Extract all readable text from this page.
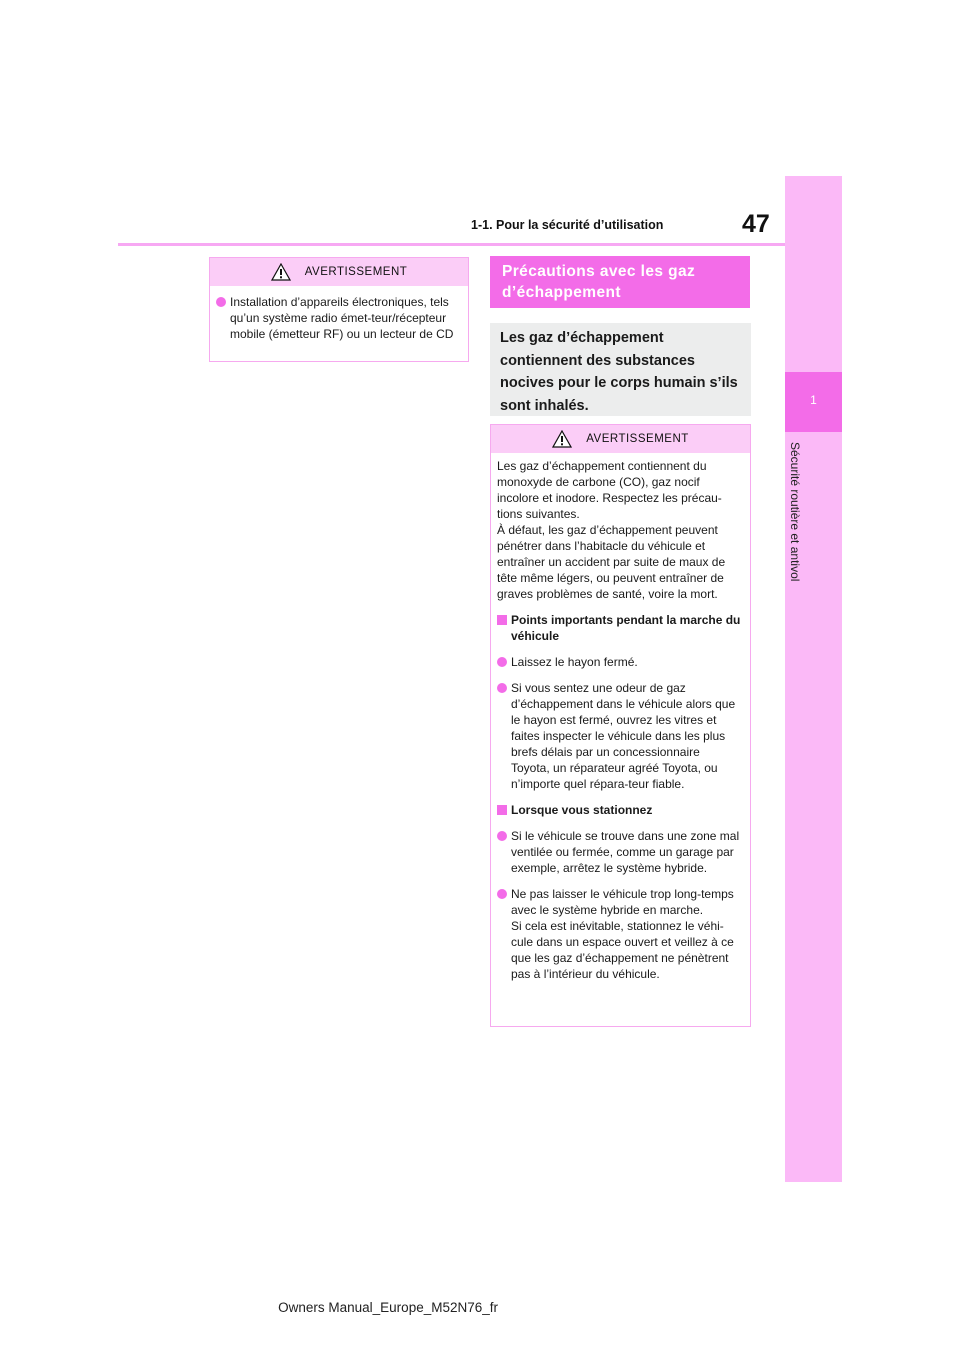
47
1-1. Pour la sécurité d’utilisation
1
Sécurité routière et antivol
AVERTISSEMENT
Installation d’appareils électroniques, tels qu’un système radio émet-teur/récepteur mobile (émetteur RF) ou un lecteur de CD
Précautions avec les gaz
d’échappement
Les gaz d’échappement
contiennent des substances
nocives pour le corps humain s’ils
sont inhalés.
AVERTISSEMENT

Les gaz d’échappement contiennent du monoxyde de carbone (CO), gaz nocif incolore et inodore. Respectez les précau-tions suivantes.

À défaut, les gaz d’échappement peuvent pénétrer dans l’habitacle du véhicule et entraîner un accident par suite de maux de tête même légers, ou peuvent entraîner de graves problèmes de santé, voire la mort.

Points importants pendant la marche du véhicule
Laissez le hayon fermé.
Si vous sentez une odeur de gaz d’échappement dans le véhicule alors que le hayon est fermé, ouvrez les vitres et faites inspecter le véhicule dans les plus brefs délais par un concessionnaire Toyota, un réparateur agréé Toyota, ou n’importe quel répara-teur fiable.
Lorsque vous stationnez
Si le véhicule se trouve dans une zone mal ventilée ou fermée, comme un garage par exemple, arrêtez le système hybride.
Ne pas laisser le véhicule trop long-temps avec le système hybride en marche.
Si cela est inévitable, stationnez le véhi-cule dans un espace ouvert et veillez à ce que les gaz d’échappement ne pénètrent pas à l’intérieur du véhicule.
Owners Manual_Europe_M52N76_fr
